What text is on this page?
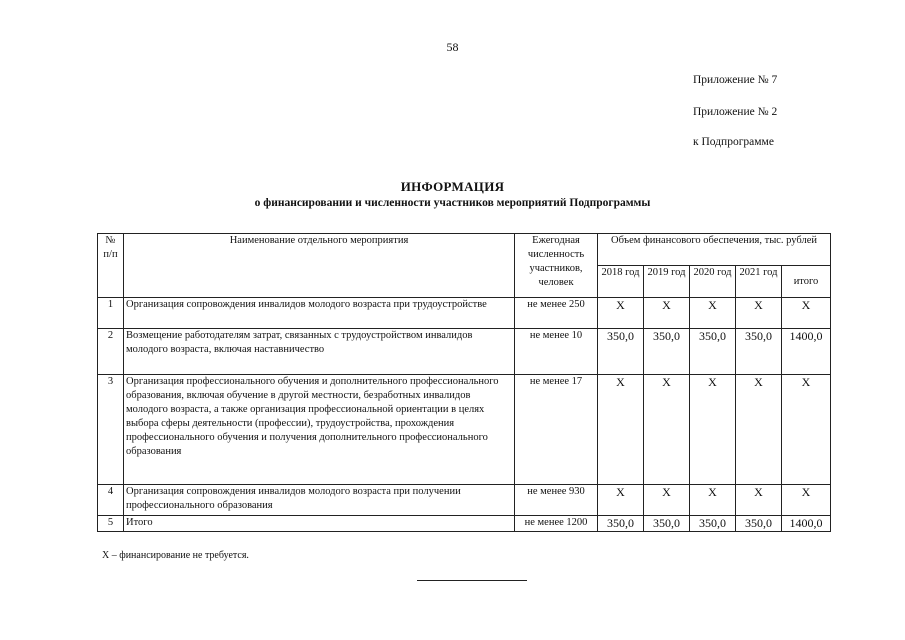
58
Приложение № 7
Приложение № 2
к Подпрограмме
ИНФОРМАЦИЯ
о финансировании и численности участников мероприятий Подпрограммы
№ п/п	Наименование отдельного мероприятия	Ежегодная численность участников, человек	Объем финансового обеспечения, тыс. рублей				
			2018 год	2019 год	2020 год	2021 год	итого
1	Организация сопровождения инвалидов молодого возраста при трудоустройстве	не менее 250	X	X	X	X	X
2	Возмещение работодателям затрат, связанных с трудоустройством инвалидов молодого возраста, включая наставничество	не менее 10	350,0	350,0	350,0	350,0	1400,0
3	Организация профессионального обучения и дополнительного профессионального образования, включая обучение в другой местности, безработных инвалидов молодого возраста, а также организация профессиональной ориентации в целях выбора сферы деятельности (профессии), трудоустройства, прохождения профессионального обучения и получения дополнительного профессионального образования	не менее 17	X	X	X	X	X
4	Организация сопровождения инвалидов молодого возраста при получении профессионального образования	не менее 930	X	X	X	X	X
5	Итого	не менее 1200	350,0	350,0	350,0	350,0	1400,0
X – финансирование не требуется.
